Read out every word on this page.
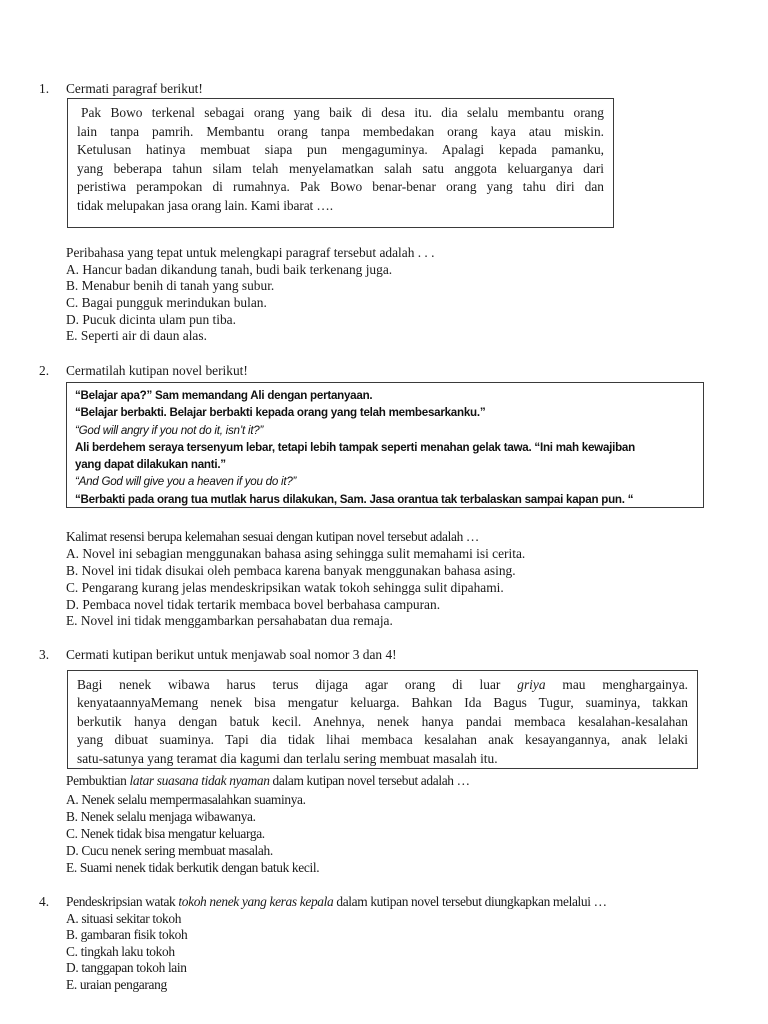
1. Cermati paragraf berikut!

Pak Bowo terkenal sebagai orang yang baik di desa itu. dia selalu membantu orang

lain tanpa pamrih. Membantu orang tanpa membedakan orang kaya atau miskin.

Ketulusan hatinya membuat siapa pun mengaguminya. Apalagi kepada pamanku,

yang beberapa tahun silam telah menyelamatkan salah satu anggota keluarganya dari

peristiwa perampokan di rumahnya. Pak Bowo benar-benar orang yang tahu diri dan

tidak melupakan jasa orang lain. Kami ibarat ….

Peribahasa yang tepat untuk melengkapi paragraf tersebut adalah . . .
A. Hancur badan dikandung tanah, budi baik terkenang juga.
B. Menabur benih di tanah yang subur.
C. Bagai pungguk merindukan bulan.
D. Pucuk dicinta ulam pun tiba.
E. Seperti air di daun alas.
2. Cermatilah kutipan novel berikut!

“Belajar apa?” Sam memandang Ali dengan pertanyaan.

“Belajar berbakti. Belajar berbakti kepada orang yang telah membesarkanku.”

“God will angry if you not do it, isn’t it?”

Ali berdehem seraya tersenyum lebar, tetapi lebih tampak seperti menahan gelak tawa. “Ini mah kewajiban

yang dapat dilakukan nanti.”

“And God will give you a heaven if you do it?”

“Berbakti pada orang tua mutlak harus dilakukan, Sam. Jasa orantua tak terbalaskan sampai kapan pun. “

Kalimat resensi berupa kelemahan sesuai dengan kutipan novel tersebut adalah …
A. Novel ini sebagian menggunakan bahasa asing sehingga sulit memahami isi cerita.
B. Novel ini tidak disukai oleh pembaca karena banyak menggunakan bahasa asing.
C. Pengarang kurang jelas mendeskripsikan watak tokoh sehingga sulit dipahami.
D. Pembaca novel tidak tertarik membaca bovel berbahasa campuran.
E. Novel ini tidak menggambarkan persahabatan dua remaja.
3. Cermati kutipan berikut untuk menjawab soal nomor 3 dan 4!

Bagi nenek wibawa harus terus dijaga agar orang di luar griya mau menghargainya.

kenyataannyaMemang nenek bisa mengatur keluarga. Bahkan Ida Bagus Tugur, suaminya, takkan

berkutik hanya dengan batuk kecil. Anehnya, nenek hanya pandai membaca kesalahan-kesalahan

yang dibuat suaminya. Tapi dia tidak lihai membaca kesalahan anak kesayangannya, anak lelaki

satu-satunya yang teramat dia kagumi dan terlalu sering membuat masalah itu.

Pembuktian latar suasana tidak nyaman dalam kutipan novel tersebut adalah …
A. Nenek selalu mempermasalahkan suaminya.
B. Nenek selalu menjaga wibawanya.
C. Nenek tidak bisa mengatur keluarga.
D. Cucu nenek sering membuat masalah.
E. Suami nenek tidak berkutik dengan batuk kecil.
4. Pendeskripsian watak tokoh nenek yang keras kepala dalam kutipan novel tersebut diungkapkan melalui …
A. situasi sekitar tokoh
B. gambaran fisik tokoh
C. tingkah laku tokoh
D. tanggapan tokoh lain
E. uraian pengarang
